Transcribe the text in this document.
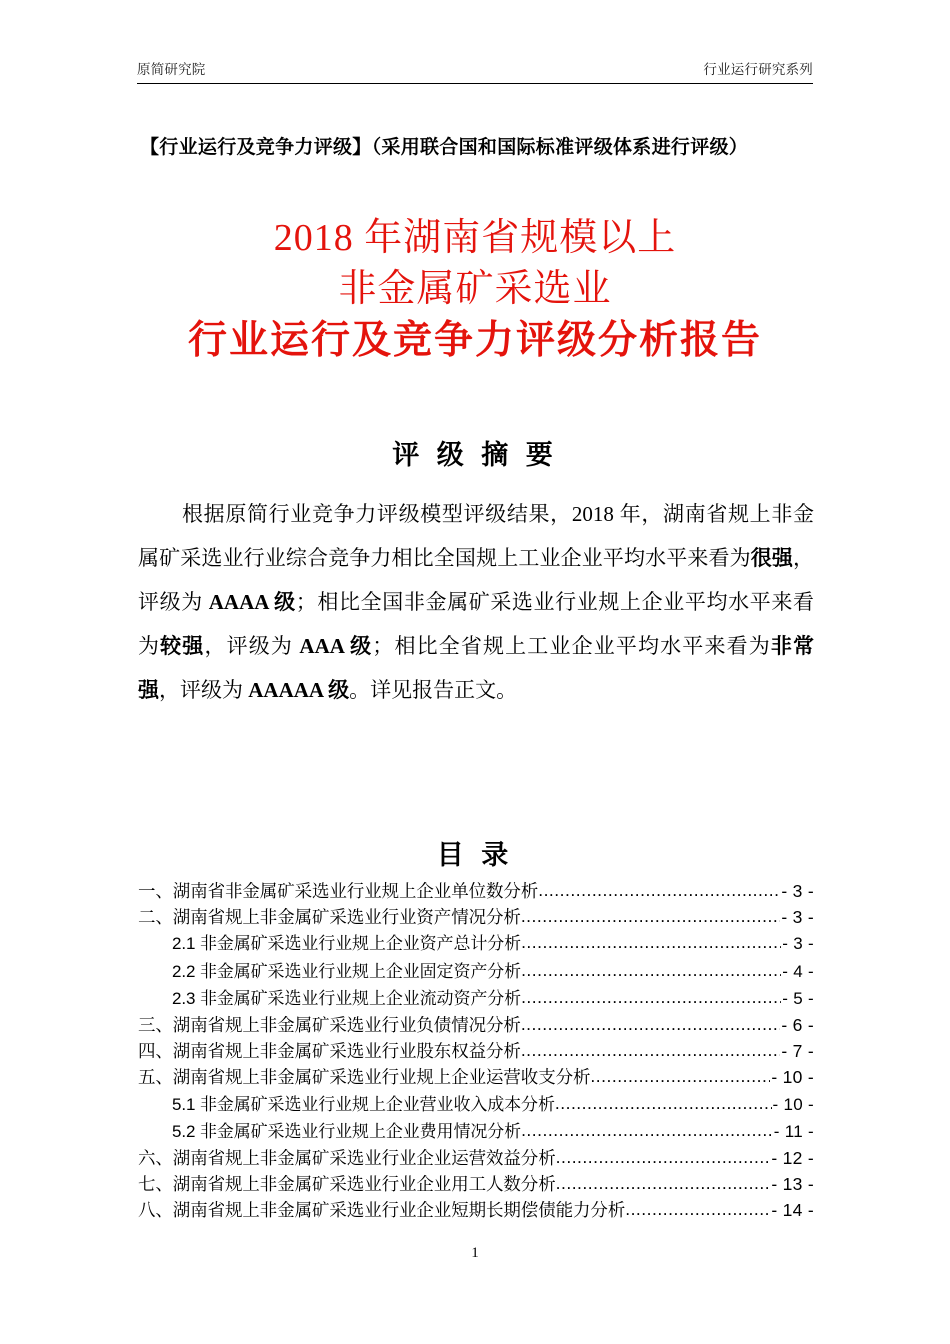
原简研究院	行业运行研究系列
【行业运行及竞争力评级】（采用联合国和国际标准评级体系进行评级）
2018 年湖南省规模以上
非金属矿采选业
行业运行及竞争力评级分析报告
评 级 摘 要
根据原简行业竞争力评级模型评级结果，2018 年，湖南省规上非金属矿采选业行业综合竞争力相比全国规上工业企业平均水平来看为很强，评级为 AAAA 级；相比全国非金属矿采选业行业规上企业平均水平来看为较强，评级为 AAA 级；相比全省规上工业企业平均水平来看为非常强，评级为 AAAAA 级。详见报告正文。
目 录
一、湖南省非金属矿采选业行业规上企业单位数分析 .....	- 3 -
二、湖南省规上非金属矿采选业行业资产情况分析 .....	- 3 -
2.1 非金属矿采选业行业规上企业资产总计分析 .....	- 3 -
2.2 非金属矿采选业行业规上企业固定资产分析 .....	- 4 -
2.3 非金属矿采选业行业规上企业流动资产分析 .....	- 5 -
三、湖南省规上非金属矿采选业行业负债情况分析 .....	- 6 -
四、湖南省规上非金属矿采选业行业股东权益分析 .....	- 7 -
五、湖南省规上非金属矿采选业行业规上企业运营收支分析 .....	- 10 -
5.1 非金属矿采选业行业规上企业营业收入成本分析 .....	- 10 -
5.2 非金属矿采选业行业规上企业费用情况分析 .....	- 11 -
六、湖南省规上非金属矿采选业行业企业运营效益分析 .....	- 12 -
七、湖南省规上非金属矿采选业行业企业用工人数分析 .....	- 13 -
八、湖南省规上非金属矿采选业行业企业短期长期偿债能力分析 .....	- 14 -
1
